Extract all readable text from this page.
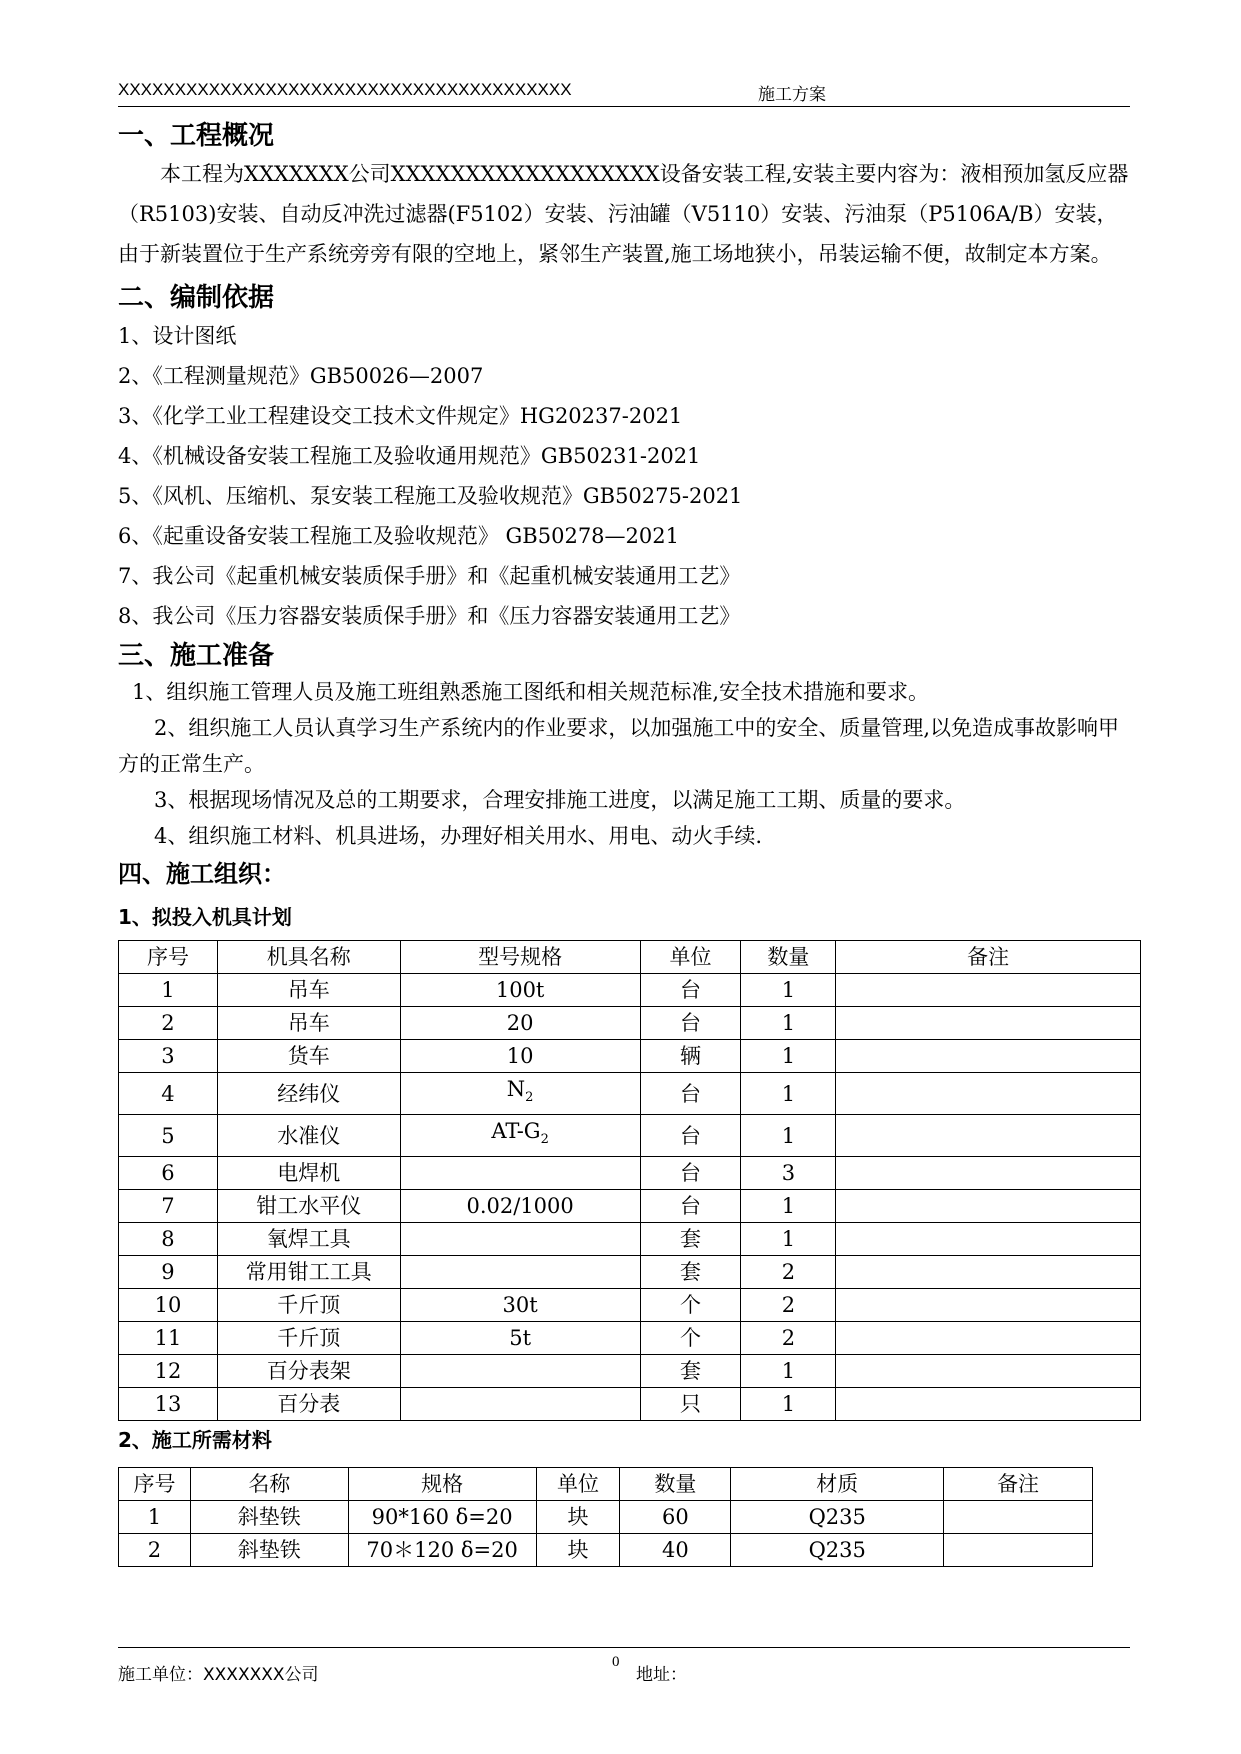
XXXXXXXXXXXXXXXXXXXXXXXXXXXXXXXXXXXXXXXX	施工方案
一、工程概况

本工程为XXXXXXX公司XXXXXXXXXXXXXXXXXX设备安装工程,安装主要内容为：液相预加氢反应器（R5103)安装、自动反冲洗过滤器(F5102）安装、污油罐（V5110）安装、污油泵（P5106A/B）安装，由于新装置位于生产系统旁旁有限的空地上，紧邻生产装置,施工场地狭小，吊装运输不便，故制定本方案。

二、编制依据

1、设计图纸

2、《工程测量规范》GB50026—2007

3、《化学工业工程建设交工技术文件规定》HG20237-2021

4、《机械设备安装工程施工及验收通用规范》GB50231-2021

5、《风机、压缩机、泵安装工程施工及验收规范》GB50275-2021

6、《起重设备安装工程施工及验收规范》 GB50278—2021

7、我公司《起重机械安装质保手册》和《起重机械安装通用工艺》

8、我公司《压力容器安装质保手册》和《压力容器安装通用工艺》

三、施工准备

1、组织施工管理人员及施工班组熟悉施工图纸和相关规范标准,安全技术措施和要求。

2、组织施工人员认真学习生产系统内的作业要求，以加强施工中的安全、质量管理,以免造成事故影响甲方的正常生产。

3、根据现场情况及总的工期要求，合理安排施工进度，以满足施工工期、质量的要求。

4、组织施工材料、机具进场，办理好相关用水、用电、动火手续.

四、施工组织：
1、拟投入机具计划
序号	机具名称	型号规格	单位	数量	备注
1	吊车	100t	台	1	
2	吊车	20	台	1	
3	货车	10	辆	1	
4	经纬仪	$N_2$	台	1	
5	水准仪	$AT-G_2$	台	1	
6	电焊机		台	3	
7	钳工水平仪	0.02/1000	台	1	
8	氧焊工具		套	1	
9	常用钳工工具		套	2	
10	千斤顶	30t	个	2	
11	千斤顶	5t	个	2	
12	百分表架		套	1	
13	百分表		只	1	
2、施工所需材料
序号	名称	规格	单位	数量	材质	备注
1	斜垫铁	90*160 δ=20	块	60	Q235	
2	斜垫铁	70＊120 δ=20	块	40	Q235	
施工单位：XXXXXXX公司
0
地址：
